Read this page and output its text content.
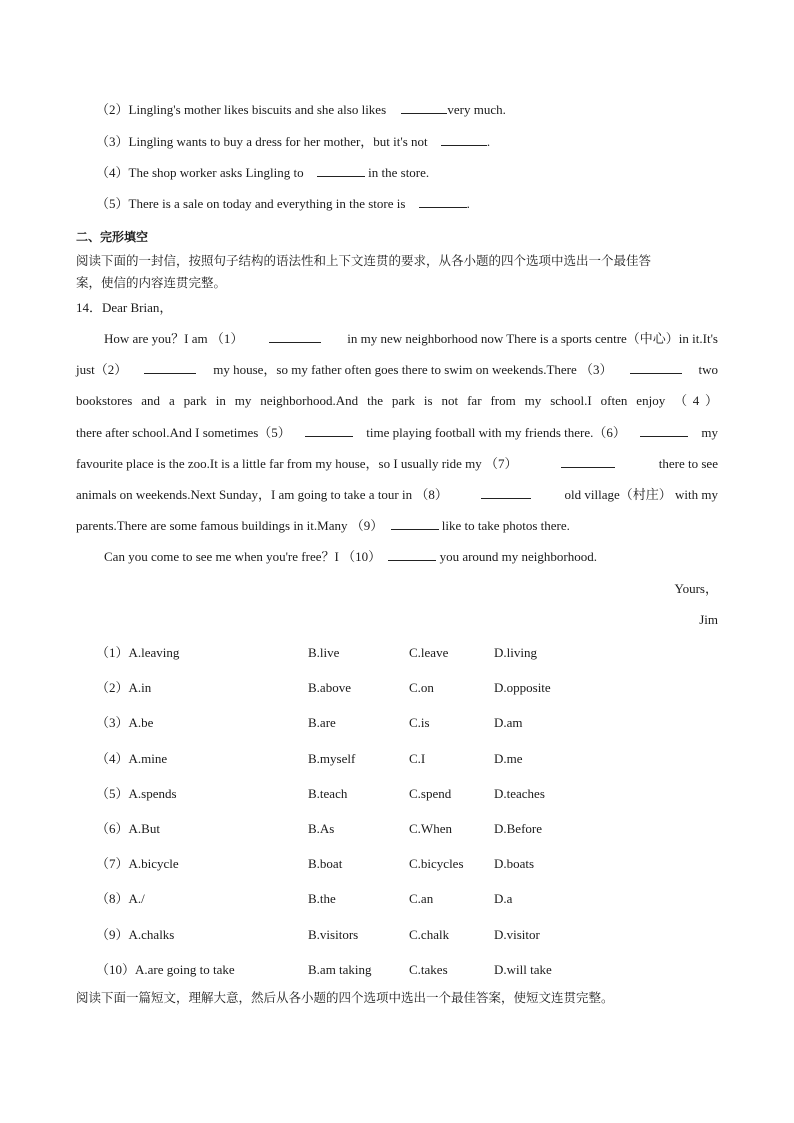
（2）Lingling's mother likes biscuits and she also likes	very much.
（3）Lingling wants to buy a dress for her mother，but it's not	.
（4）The shop worker asks Lingling to	in the store.
（5）There is a sale on today and everything in the store is	.
二、完形填空
阅读下面的一封信，按照句子结构的语法性和上下文连贯的要求，从各小题的四个选项中选出一个最佳答
案，使信的内容连贯完整。
14．Dear Brian，
How are you？I am （1）	in my new neighborhood now There is a sports centre（中心）in it.It's
just（2）	my house，so my father often goes there to swim on weekends.There （3）	two
bookstores and a park in my neighborhood.And the park is not far from my school.I often enjoy （4）
there after school.And I sometimes（5）	time playing football with my friends there.（6）	my
favourite place is the zoo.It is a little far from my house，so I usually ride my （7）	there to see
animals on weekends.Next Sunday，I am going to take a tour in （8）	old village（村庄） with my
parents.There are some famous buildings in it.Many （9）	like to take photos there.
Can you come to see me when you're free？I （10）	you around my neighborhood.
Yours，
Jim
（1）A.leaving	B.live	C.leave	D.living
（2）A.in	B.above	C.on	D.opposite
（3）A.be	B.are	C.is	D.am
（4）A.mine	B.myself	C.I	D.me
（5）A.spends	B.teach	C.spend	D.teaches
（6）A.But	B.As	C.When	D.Before
（7）A.bicycle	B.boat	C.bicycles D.boats
（8）A./	B.the	C.an	D.a
（9）A.chalks	B.visitors	C.chalk	D.visitor
（10）A.are going to take	B.am taking	C.takes	D.will take
阅读下面一篇短文，理解大意，然后从各小题的四个选项中选出一个最佳答案，使短文连贯完整。
